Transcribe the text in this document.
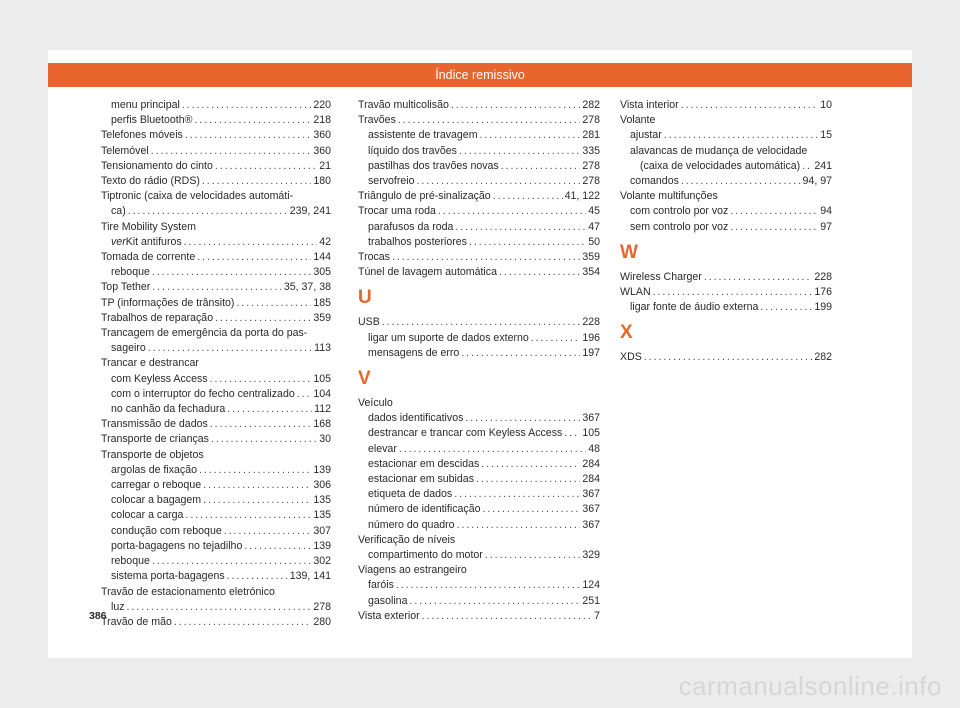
Índice remissivo
menu principal . . .	220
perfis Bluetooth® . . .	218
Telefones móveis . . .	360
Telemóvel . . .	360
Tensionamento do cinto . . .	21
Texto do rádio (RDS) . . .	180
Tiptronic (caixa de velocidades automáti-
ca) . . .	239, 241
Tire Mobility System
ver Kit antifuros . . .	42
Tomada de corrente . . .	144
reboque . . .	305
Top Tether . . .	35, 37, 38
TP (informações de trânsito) . . .	185
Trabalhos de reparação . . .	359
Trancagem de emergência da porta do pas-
sageiro . . .	113
Trancar e destrancar
com Keyless Access . . .	105
com o interruptor do fecho centralizado . . . 104
no canhão da fechadura . . .	112
Transmissão de dados . . .	168
Transporte de crianças . . .	30
Transporte de objetos
argolas de fixação . . .	139
carregar o reboque . . .	306
colocar a bagagem . . .	135
colocar a carga . . .	135
condução com reboque . . .	307
porta-bagagens no tejadilho . . .	139
reboque . . .	302
sistema porta-bagagens . . .	139, 141
Travão de estacionamento eletrónico
luz . . .	278
Travão de mão . . .	280
Travão multicolisão . . .	282
Travões . . .	278
assistente de travagem . . .	281
líquido dos travões . . .	335
pastilhas dos travões novas . . .	278
servofreio . . .	278
Triângulo de pré-sinalização . . .	41, 122
Trocar uma roda . . .	45
parafusos da roda . . .	47
trabalhos posteriores . . .	50
Trocas . . .	359
Túnel de lavagem automática . . .	354
U
USB . . .	228
ligar um suporte de dados externo . . .	196
mensagens de erro . . .	197
V
Veículo
dados identificativos . . .	367
destrancar e trancar com Keyless Access . . . 105
elevar . . .	48
estacionar em descidas . . .	284
estacionar em subidas . . .	284
etiqueta de dados . . .	367
número de identificação . . .	367
número do quadro . . .	367
Verificação de níveis
compartimento do motor . . .	329
Viagens ao estrangeiro
faróis . . .	124
gasolina . . .	251
Vista exterior . . .	7
Vista interior . . .	10
Volante
ajustar . . .	15
alavancas de mudança de velocidade
(caixa de velocidades automática) . . . 241
comandos . . .	94, 97
Volante multifunções
com controlo por voz . . .	94
sem controlo por voz . . .	97
W
Wireless Charger . . .	228
WLAN . . .	176
ligar fonte de áudio externa . . .	199
X
XDS . . .	282
386
carmanualsonline.info
